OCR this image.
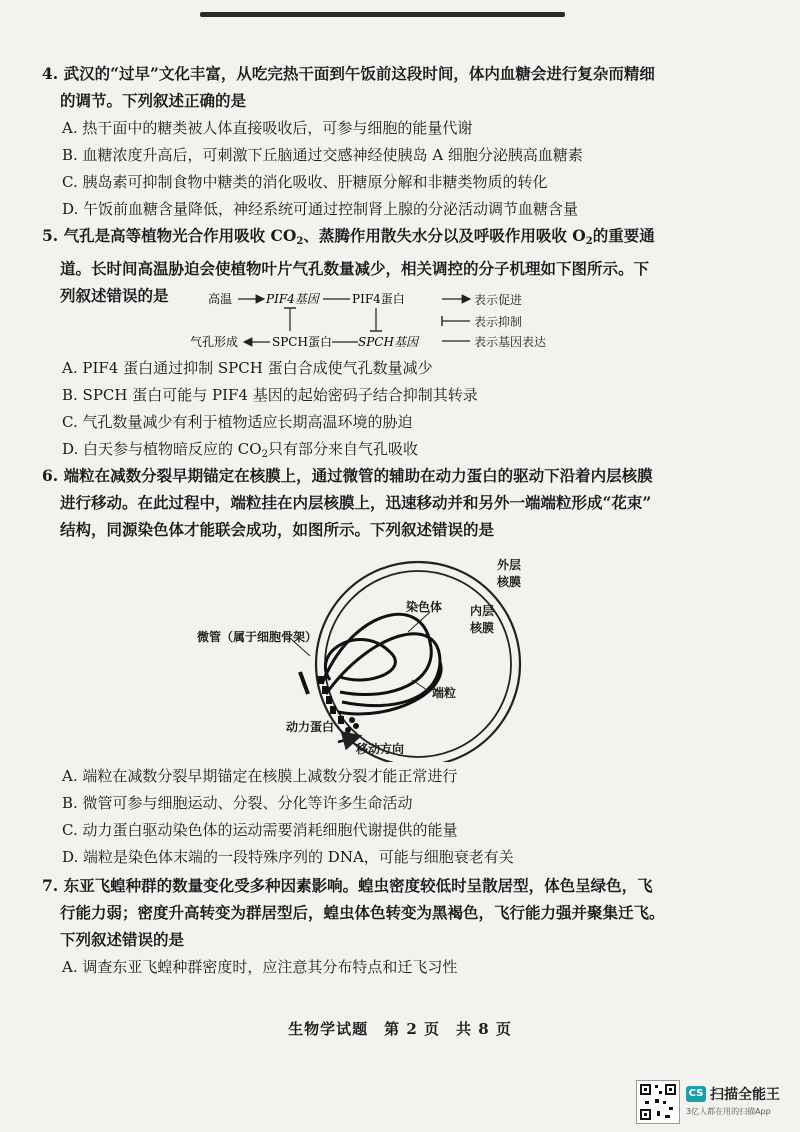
4. 武汉的“过早”文化丰富，从吃完热干面到午饭前这段时间，体内血糖会进行复杂而精细
的调节。下列叙述正确的是
A. 热干面中的糖类被人体直接吸收后，可参与细胞的能量代谢
B. 血糖浓度升高后，可刺激下丘脑通过交感神经使胰岛 A 细胞分泌胰高血糖素
C. 胰岛素可抑制食物中糖类的消化吸收、肝糖原分解和非糖类物质的转化
D. 午饭前血糖含量降低，神经系统可通过控制肾上腺的分泌活动调节血糖含量
5. 气孔是高等植物光合作用吸收 $CO_2$、蒸腾作用散失水分以及呼吸作用吸收 $O_2$的重要通
道。长时间高温胁迫会使植物叶片气孔数量减少，相关调控的分子机理如下图所示。下
列叙述错误的是	高温	PIF4基因	PIF4蛋白
气孔形成	SPCH蛋白 SPCH基因
表示促进
表示抑制
表示基因表达
A. PIF4 蛋白通过抑制 SPCH 蛋白合成使气孔数量减少
B. SPCH 蛋白可能与 PIF4 基因的起始密码子结合抑制其转录
C. 气孔数量减少有利于植物适应长期高温环境的胁迫
D. 白天参与植物暗反应的 $CO_2$只有部分来自气孔吸收
6. 端粒在减数分裂早期锚定在核膜上，通过微管的辅助在动力蛋白的驱动下沿着内层核膜
进行移动。在此过程中，端粒挂在内层核膜上，迅速移动并和另外一端端粒形成“花束”
结构，同源染色体才能联会成功，如图所示。下列叙述错误的是
外层
核膜
内层
核膜
染色体
微管（属于细胞骨架）
端粒
动力蛋白
移动方向
A. 端粒在减数分裂早期锚定在核膜上减数分裂才能正常进行
B. 微管可参与细胞运动、分裂、分化等许多生命活动
C. 动力蛋白驱动染色体的运动需要消耗细胞代谢提供的能量
D. 端粒是染色体末端的一段特殊序列的 DNA，可能与细胞衰老有关
7. 东亚飞蝗种群的数量变化受多种因素影响。蝗虫密度较低时呈散居型，体色呈绿色，飞
行能力弱；密度升高转变为群居型后，蝗虫体色转变为黑褐色，飞行能力强并聚集迁飞。
下列叙述错误的是
A. 调查东亚飞蝗种群密度时，应注意其分布特点和迁飞习性
生物学试题　第 2 页　共 8 页
CS 扫描全能王
3亿人都在用的扫描App
